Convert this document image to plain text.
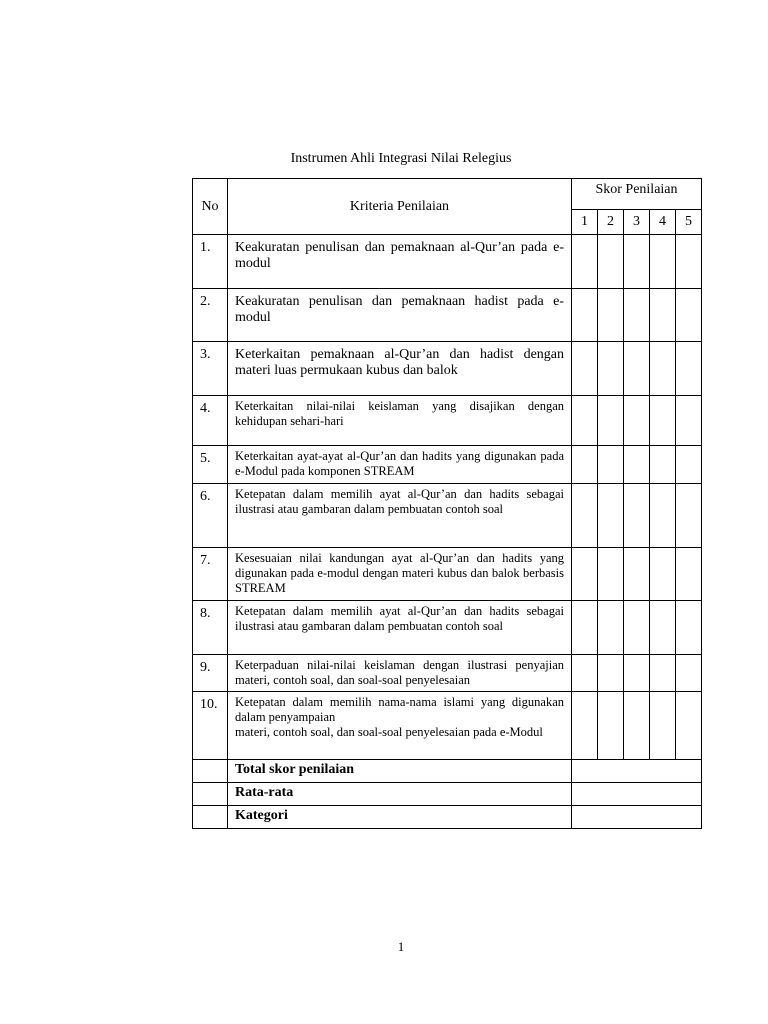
Instrumen Ahli Integrasi Nilai Relegius
No	Kriteria Penilaian	Skor Penilaian				
		1	2	3	4	5
1.	Keakuratan penulisan dan pemaknaan al-Qur’an pada e-modul					
2.	Keakuratan penulisan dan pemaknaan hadist pada e-modul					
3.	Keterkaitan pemaknaan al-Qur’an dan hadist dengan materi luas permukaan kubus dan balok					
4.	Keterkaitan nilai-nilai keislaman yang disajikan dengan kehidupan sehari-hari					
5.	Keterkaitan ayat-ayat al-Qur’an dan hadits yang digunakan pada e-Modul pada komponen STREAM					
6.	Ketepatan dalam memilih ayat al-Qur’an dan hadits sebagai ilustrasi atau gambaran dalam pembuatan contoh soal					
7.	Kesesuaian nilai kandungan ayat al-Qur’an dan hadits yang digunakan pada e-modul dengan materi kubus dan balok berbasis STREAM					
8.	Ketepatan dalam memilih ayat al-Qur’an dan hadits sebagai ilustrasi atau gambaran dalam pembuatan contoh soal					
9.	Keterpaduan nilai-nilai keislaman dengan ilustrasi penyajian materi, contoh soal, dan soal-soal penyelesaian					
10.	Ketepatan dalam memilih nama-nama islami yang digunakan dalam penyampaian
materi, contoh soal, dan soal-soal penyelesaian pada e-Modul					

	Total skor penilaian					
	Rata-rata					
	Kategori					
1
